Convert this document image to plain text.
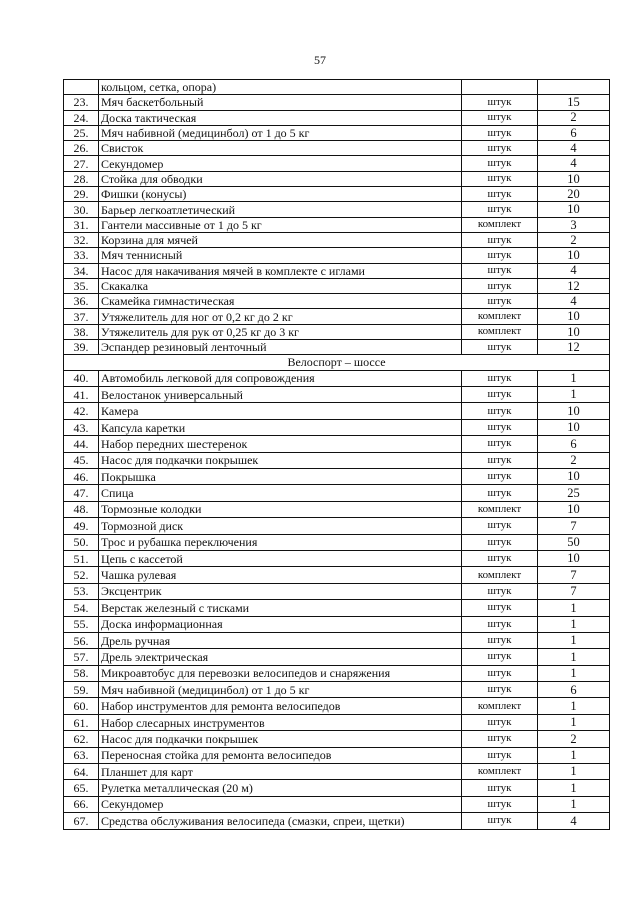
57
	кольцом, сетка, опора)		
23.	Мяч баскетбольный	штук	15
24.	Доска тактическая	штук	2
25.	Мяч набивной (медицинбол) от 1 до 5 кг	штук	6
26.	Свисток	штук	4
27.	Секундомер	штук	4
28.	Стойка для обводки	штук	10
29.	Фишки (конусы)	штук	20
30.	Барьер легкоатлетический	штук	10
31.	Гантели массивные от 1 до 5 кг	комплект	3
32.	Корзина для мячей	штук	2
33.	Мяч теннисный	штук	10
34.	Насос для накачивания мячей в комплекте с иглами	штук	4
35.	Скакалка	штук	12
36.	Скамейка гимнастическая	штук	4
37.	Утяжелитель для ног от 0,2 кг до 2 кг	комплект	10
38.	Утяжелитель для рук от 0,25 кг до 3 кг	комплект	10
39.	Эспандер резиновый ленточный	штук	12
Велоспорт – шоссе			
40.	Автомобиль легковой для сопровождения	штук	1
41.	Велостанок универсальный	штук	1
42.	Камера	штук	10
43.	Капсула каретки	штук	10
44.	Набор передних шестеренок	штук	6
45.	Насос для подкачки покрышек	штук	2
46.	Покрышка	штук	10
47.	Спица	штук	25
48.	Тормозные колодки	комплект	10
49.	Тормозной диск	штук	7
50.	Трос и рубашка переключения	штук	50
51.	Цепь с кассетой	штук	10
52.	Чашка рулевая	комплект	7
53.	Эксцентрик	штук	7
54.	Верстак железный с тисками	штук	1
55.	Доска информационная	штук	1
56.	Дрель ручная	штук	1
57.	Дрель электрическая	штук	1
58.	Микроавтобус для перевозки велосипедов и снаряжения	штук	1
59.	Мяч набивной (медицинбол) от 1 до 5 кг	штук	6
60.	Набор инструментов для ремонта велосипедов	комплект	1
61.	Набор слесарных инструментов	штук	1
62.	Насос для подкачки покрышек	штук	2
63.	Переносная стойка для ремонта велосипедов	штук	1
64.	Планшет для карт	комплект	1
65.	Рулетка металлическая (20 м)	штук	1
66.	Секундомер	штук	1
67.	Средства обслуживания велосипеда (смазки, спреи, щетки)	штук	4
